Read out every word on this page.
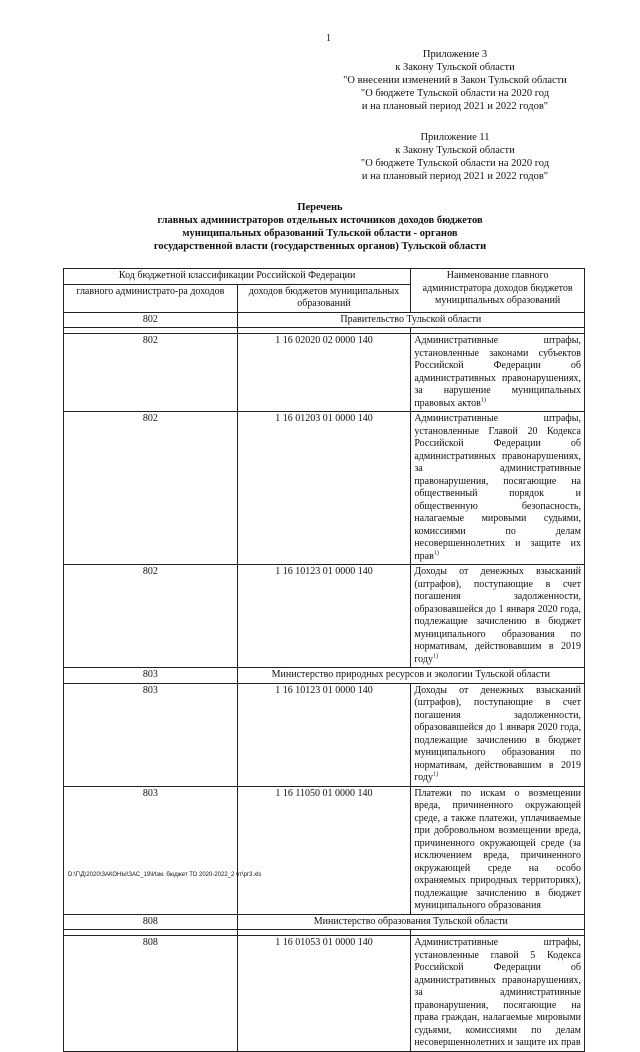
1
Приложение 3
к Закону Тульской области
"О внесении изменений в Закон Тульской области
"О бюджете Тульской области на 2020 год
и на плановый период 2021 и 2022 годов"
Приложение 11
к Закону Тульской области
"О бюджете Тульской области на 2020 год
и на плановый период 2021 и 2022 годов"
Перечень
главных администраторов отдельных источников доходов бюджетов
муниципальных образований Тульской области - органов
государственной власти (государственных органов) Тульской области
Код бюджетной классификации Российской Федерации		Наименование главного администратора доходов бюджетов муниципальных образований
главного администрато-ра доходов	доходов бюджетов муниципальных образований	
802	Правительство Тульской области	

802	1 16 02020 02 0000 140	Административные штрафы, установленные законами субъектов Российской Федерации об административных правонарушениях, за нарушение муниципальных правовых актов$^{1)}$
802	1 16 01203 01 0000 140	Административные штрафы, установленные Главой 20 Кодекса Российской Федерации об административных правонарушениях, за административные правонарушения, посягающие на общественный порядок и общественную безопасность, налагаемые мировыми судьями, комиссиями по делам несовершеннолетних и защите их прав$^{1)}$
802	1 16 10123 01 0000 140	Доходы от денежных взысканий (штрафов), поступающие в счет погашения задолженности, образовавшейся до 1 января 2020 года, подлежащие зачислению в бюджет муниципального образования по нормативам, действовавшим в 2019 году$^{1)}$
803	Министерство природных ресурсов и экологии Тульской области	
803	1 16 10123 01 0000 140	Доходы от денежных взысканий (штрафов), поступающие в счет погашения задолженности, образовавшейся до 1 января 2020 года, подлежащие зачислению в бюджет муниципального образования по нормативам, действовавшим в 2019 году$^{1)}$
803	1 16 11050 01 0000 140	Платежи по искам о возмещении вреда, причиненного окружающей среде, а также платежи, уплачиваемые при добровольном возмещении вреда, причиненного окружающей среде (за исключением вреда, причиненного окружающей среде на особо охраняемых природных территориях), подлежащие зачислению в бюджет муниципального образования
808	Министерство образования Тульской области	

808	1 16 01053 01 0000 140	Административные штрафы, установленные главой 5 Кодекса Российской Федерации об административных правонарушениях, за административные правонарушения, посягающие на права граждан, налагаемые мировыми судьями, комиссиями по делам несовершеннолетних и защите их прав
D:\Г\Д\2020\ЗАКОНЫ\ЗАС_19\Изм. бюджет ТО 2020-2022_2 чт\рг3.xls
